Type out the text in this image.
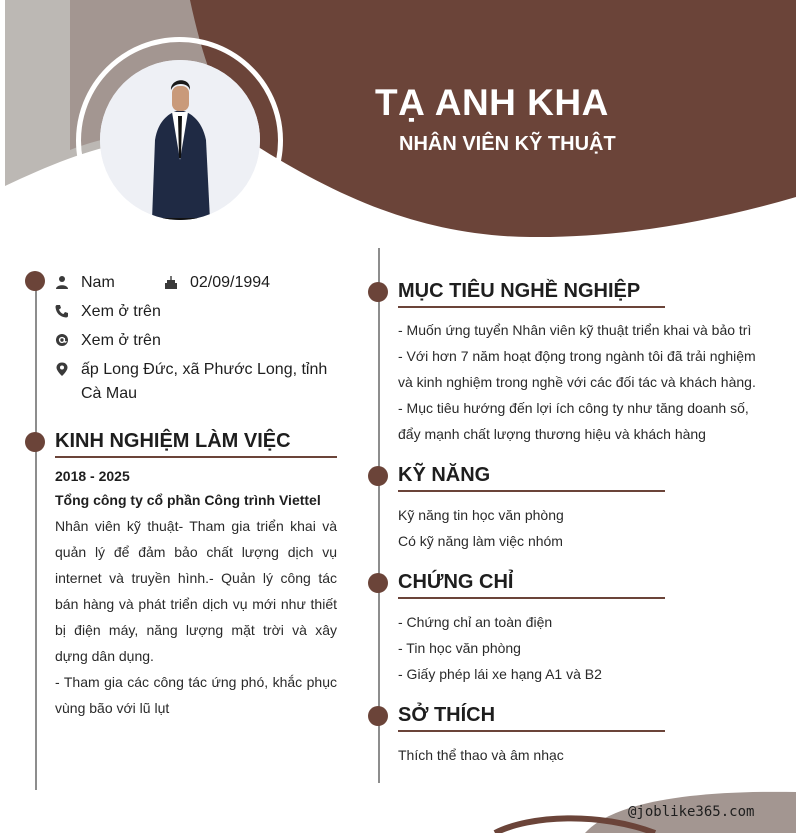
TẠ ANH KHA
NHÂN VIÊN KỸ THUẬT
Nam	02/09/1994
Xem ở trên
Xem ở trên
ấp Long Đức, xã Phước Long, tỉnh Cà Mau
KINH NGHIỆM LÀM VIỆC
2018 - 2025
Tổng công ty cổ phần Công trình Viettel

Nhân viên kỹ thuật- Tham gia triển khai và quản lý để đảm bảo chất lượng dịch vụ internet và truyền hình.- Quản lý công tác bán hàng và phát triển dịch vụ mới như thiết bị điện máy, năng lượng mặt trời và xây dựng dân dụng.

- Tham gia các công tác ứng phó, khắc phục vùng bão với lũ lụt

MỤC TIÊU NGHỀ NGHIỆP
- Muốn ứng tuyển Nhân viên kỹ thuật triển khai và bảo trì
- Với hơn 7 năm hoạt động trong ngành tôi đã trải nghiệm và kinh nghiệm trong nghề với các đối tác và khách hàng.
- Mục tiêu hướng đến lợi ích công ty như tăng doanh số, đẩy mạnh chất lượng thương hiệu và khách hàng
KỸ NĂNG
Kỹ năng tin học văn phòng
Có kỹ năng làm việc nhóm
CHỨNG CHỈ
- Chứng chỉ an toàn điện
- Tin học văn phòng
- Giấy phép lái xe hạng A1 và B2
SỞ THÍCH
Thích thể thao và âm nhạc
@joblike365.com
